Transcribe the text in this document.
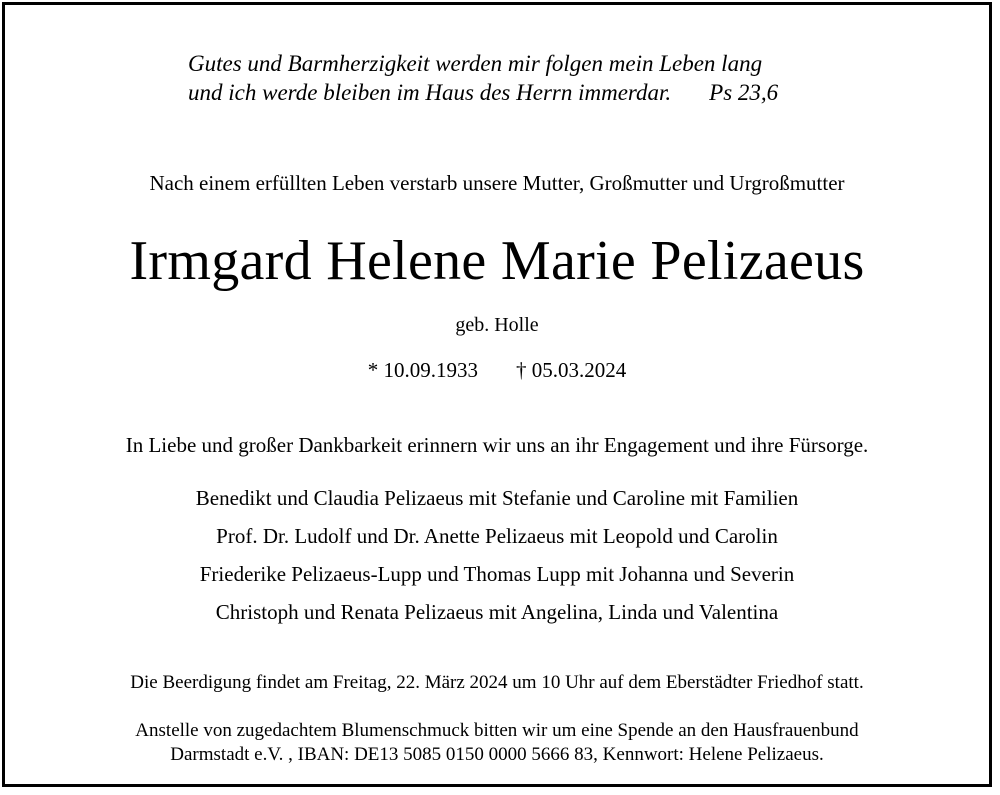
Gutes und Barmherzigkeit werden mir folgen mein Leben lang
und ich werde bleiben im Haus des Herrn immerdar. Ps 23,6
Nach einem erfüllten Leben verstarb unsere Mutter, Großmutter und Urgroßmutter
Irmgard Helene Marie Pelizaeus
geb. Holle
* 10.09.1933 † 05.03.2024
In Liebe und großer Dankbarkeit erinnern wir uns an ihr Engagement und ihre Fürsorge.
Benedikt und Claudia Pelizaeus mit Stefanie und Caroline mit Familien
Prof. Dr. Ludolf und Dr. Anette Pelizaeus mit Leopold und Carolin
Friederike Pelizaeus-Lupp und Thomas Lupp mit Johanna und Severin
Christoph und Renata Pelizaeus mit Angelina, Linda und Valentina
Die Beerdigung findet am Freitag, 22. März 2024 um 10 Uhr auf dem Eberstädter Friedhof statt.
Anstelle von zugedachtem Blumenschmuck bitten wir um eine Spende an den Hausfrauenbund
Darmstadt e.V. , IBAN: DE13 5085 0150 0000 5666 83, Kennwort: Helene Pelizaeus.
